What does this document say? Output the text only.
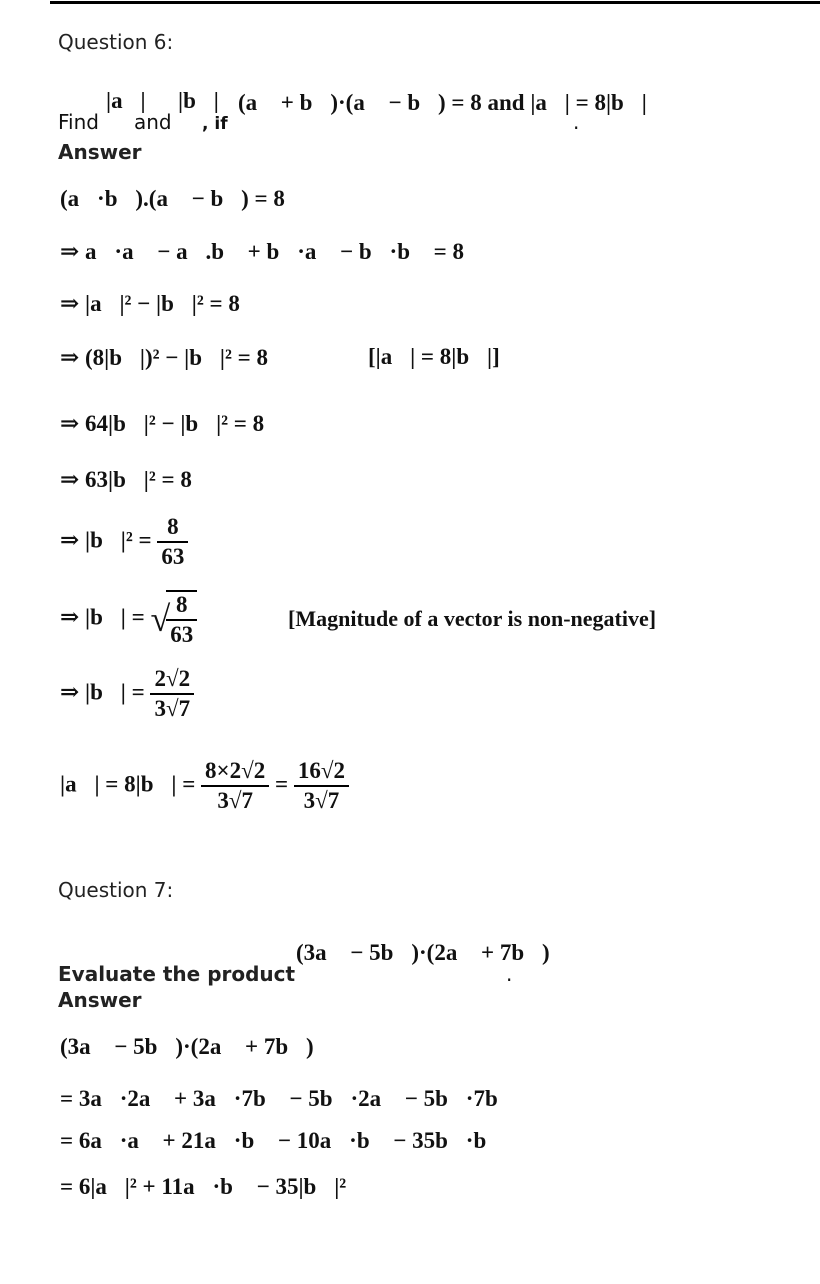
Question 6:
Find
|a⃗|
and
|b⃗|
, if
(a⃗ + b⃗)·(a⃗ − b⃗) = 8 and |a⃗| = 8|b⃗|
.
Answer
(a⃗·b⃗).(a⃗ − b⃗) = 8
⇒ a⃗·a⃗ − a⃗.b⃗ + b⃗·a⃗ − b⃗·b⃗ = 8
⇒ |a⃗|² − |b⃗|² = 8
⇒ (8|b⃗|)² − |b⃗|² = 8	[|a⃗| = 8|b⃗|]
⇒ 64|b⃗|² − |b⃗|² = 8
⇒ 63|b⃗|² = 8
⇒ |b⃗|² = $\frac{8}{63}$
⇒ |b⃗| = √
$\frac{8}{63}$	[Magnitude of a vector is non-negative]
⇒ |b⃗| = $\frac{2√2}{3√7}$
|a⃗| = 8|b⃗| = $\frac{8\times 2√2}{3√7} = \frac{16√2}{3√7}$
Question 7:
Evaluate the product
(3a⃗ − 5b⃗)·(2a⃗ + 7b⃗)
.
Answer
(3a⃗ − 5b⃗)·(2a⃗ + 7b⃗)
= 3a⃗·2a⃗ + 3a⃗·7b⃗ − 5b⃗·2a⃗ − 5b⃗·7b⃗
= 6a⃗·a⃗ + 21a⃗·b⃗ − 10a⃗·b⃗ − 35b⃗·b⃗
= 6|a⃗|² + 11a⃗·b⃗ − 35|b⃗|²
